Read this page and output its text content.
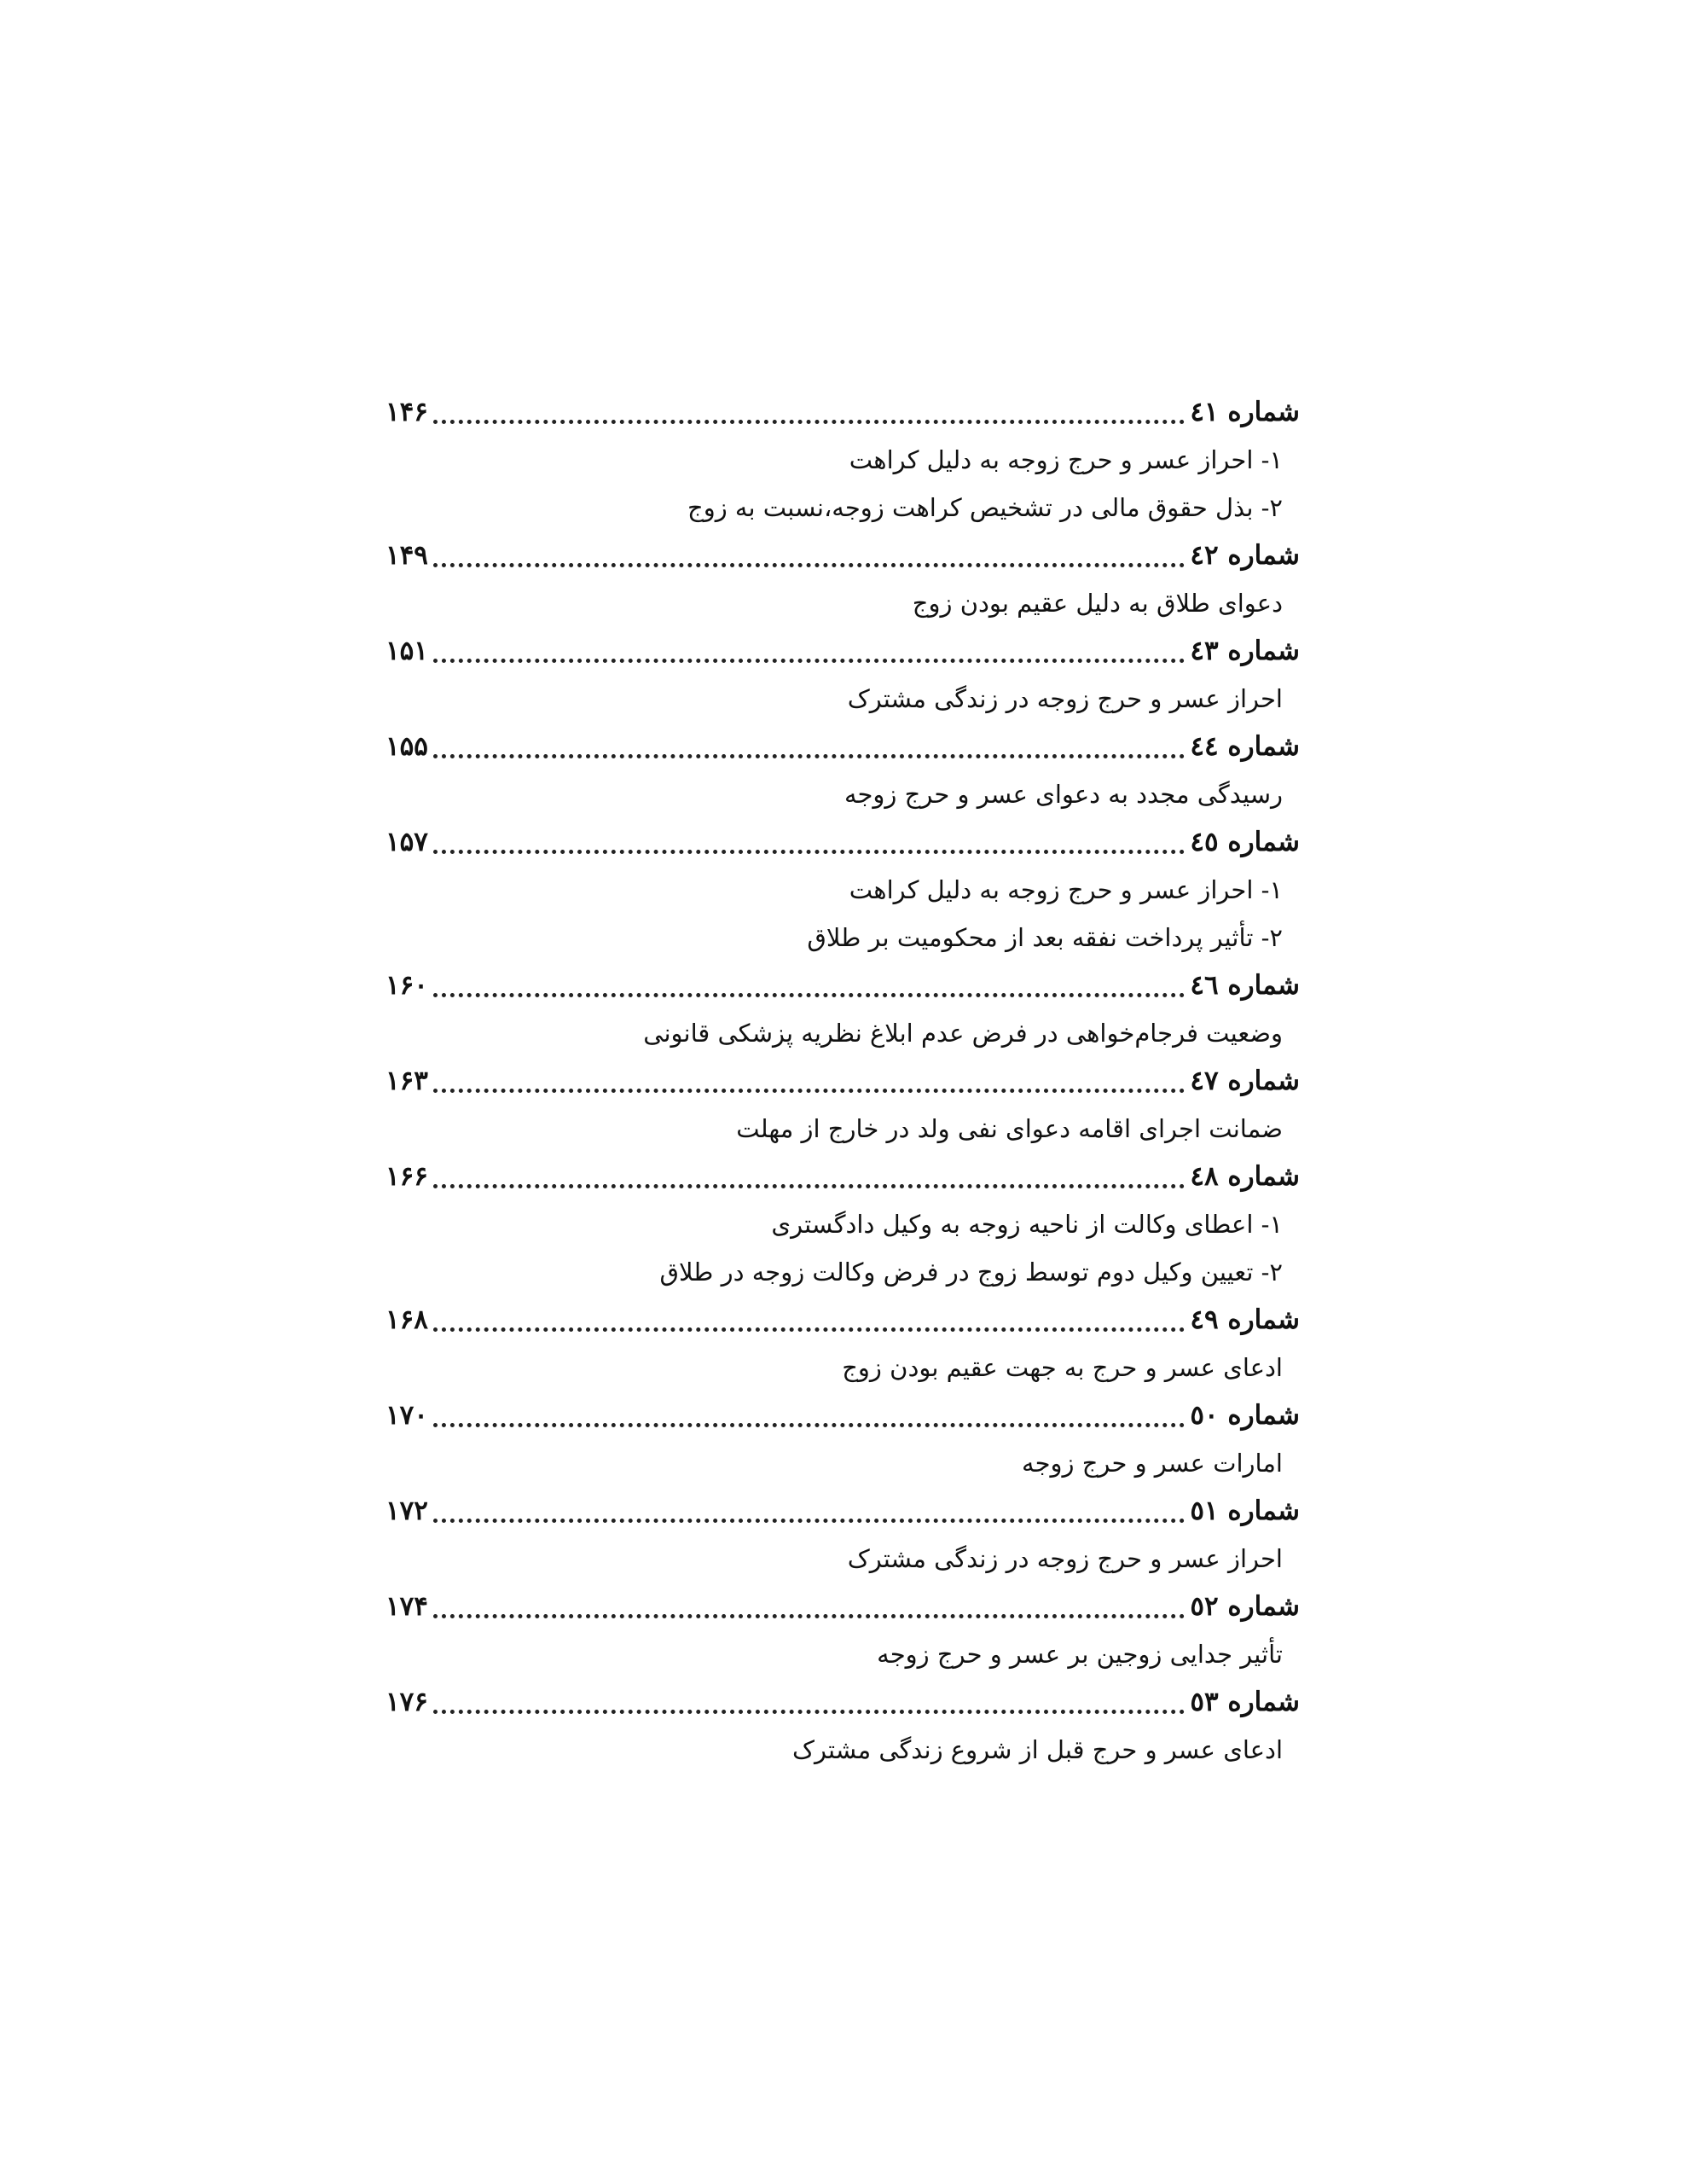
شماره ٤١
۱۴۶
۱- احراز عسر و حرج زوجه به دلیل کراهت
۲- بذل حقوق مالی در تشخیص کراهت زوجه،نسبت به زوج
شماره ٤٢
۱۴۹
دعوای طلاق به دلیل عقیم بودن زوج
شماره ٤٣
۱۵۱
احراز عسر و حرج زوجه در زندگی مشترک
شماره ٤٤
۱۵۵
رسیدگی مجدد به دعوای عسر و حرج زوجه
شماره ٤٥
۱۵۷
۱- احراز عسر و حرج زوجه به دلیل کراهت
۲- تأثیر پرداخت نفقه بعد از محکومیت بر طلاق
شماره ٤٦
۱۶۰
وضعیت فرجام‌خواهی در فرض عدم ابلاغ نظریه پزشکی قانونی
شماره ٤٧
۱۶۳
ضمانت اجرای اقامه دعوای نفی ولد در خارج از مهلت
شماره ٤٨
۱۶۶
۱- اعطای وکالت از ناحیه زوجه به وکیل دادگستری
۲- تعیین وکیل دوم توسط زوج در فرض وکالت زوجه در طلاق
شماره ٤٩
۱۶۸
ادعای عسر و حرج به جهت عقیم بودن زوج
شماره ٥٠
۱۷۰
امارات عسر و حرج زوجه
شماره ٥١
۱۷۲
احراز عسر و حرج زوجه در زندگی مشترک
شماره ٥٢
۱۷۴
تأثیر جدایی زوجین بر عسر و حرج زوجه
شماره ٥٣
۱۷۶
ادعای عسر و حرج قبل از شروع زندگی مشترک
